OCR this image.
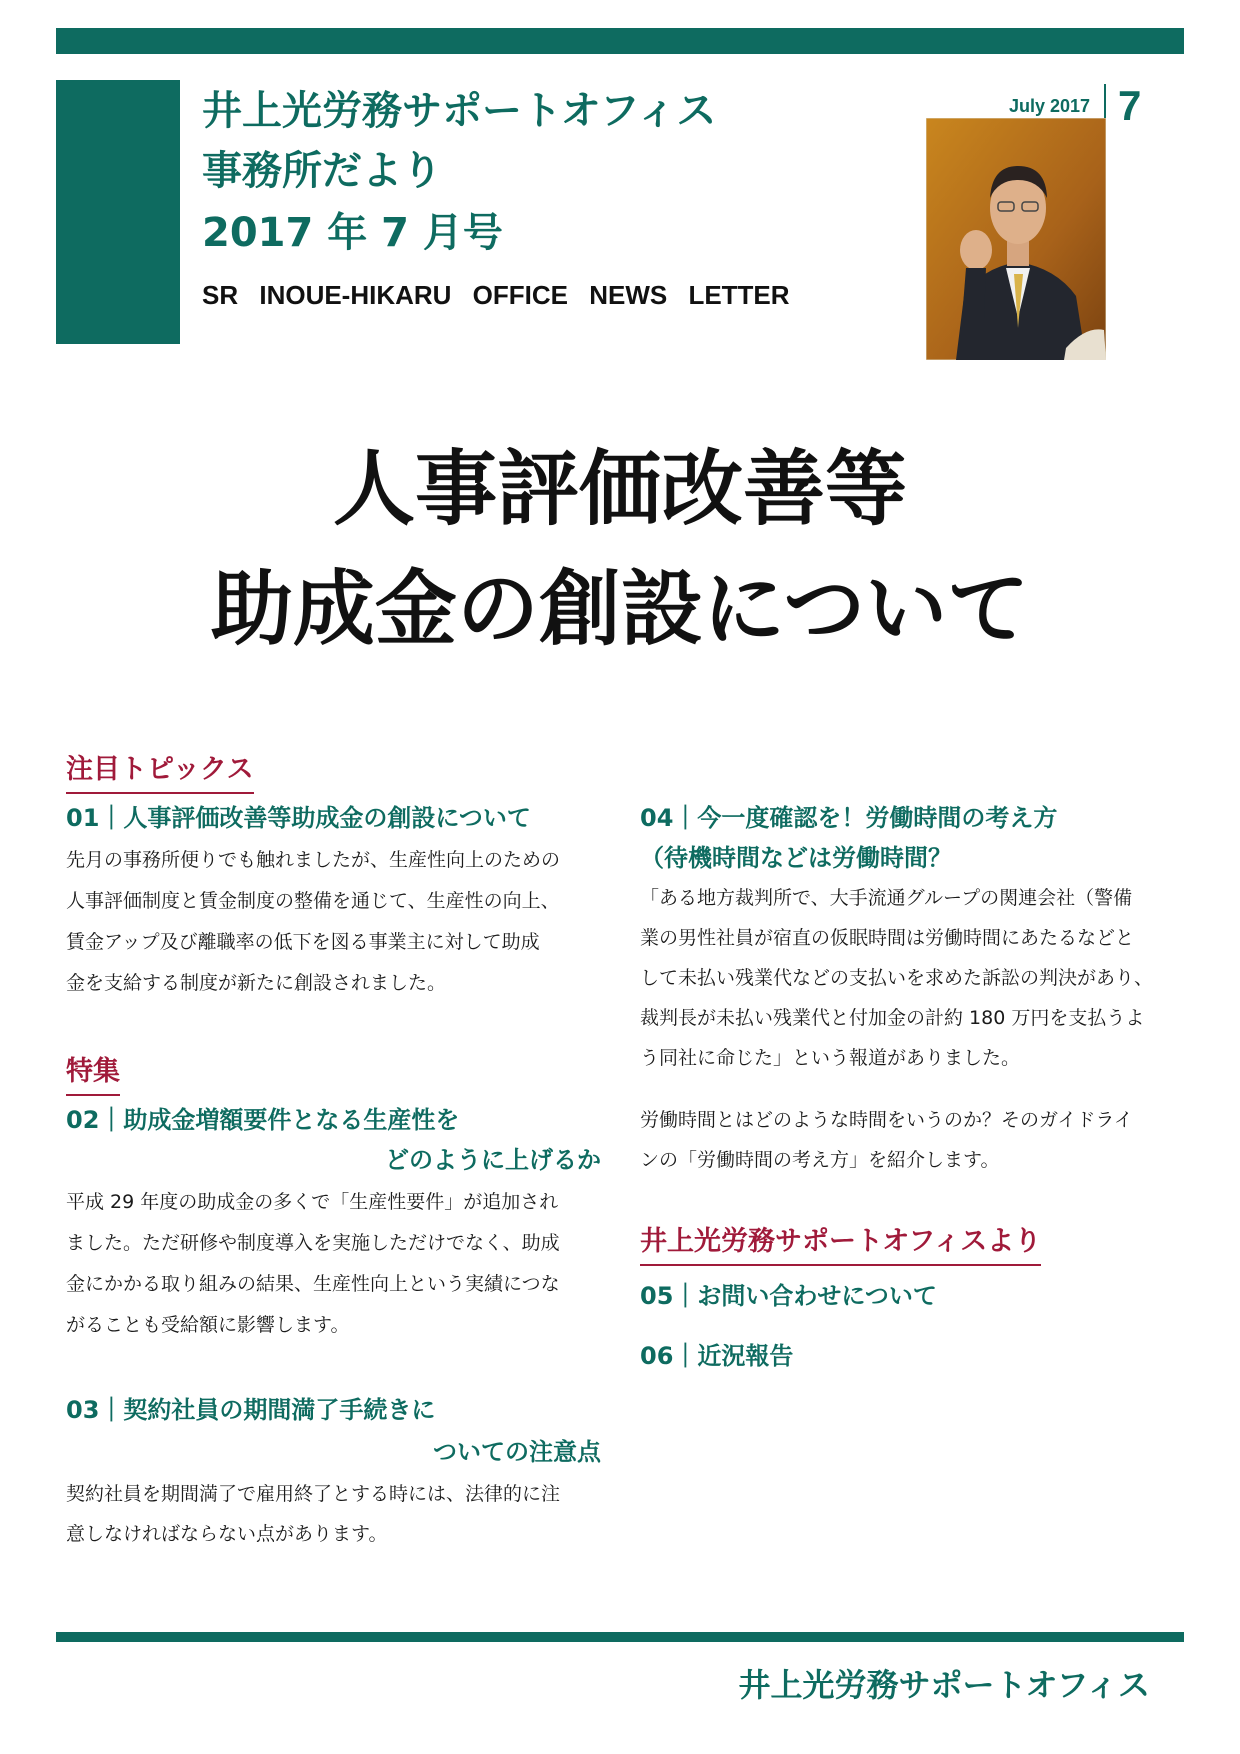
井上光労務サポートオフィス
事務所だより
2017 年 7 月号
SR INOUE-HIKARU OFFICE NEWS LETTER
July 2017 7
人事評価改善等
助成金の創設について
注目トピックス
01｜人事評価改善等助成金の創設について
先月の事務所便りでも触れましたが、生産性向上のための
人事評価制度と賃金制度の整備を通じて、生産性の向上、
賃金アップ及び離職率の低下を図る事業主に対して助成
金を支給する制度が新たに創設されました。
特集
02｜助成金増額要件となる生産性を
どのように上げるか
平成 29 年度の助成金の多くで「生産性要件」が追加され
ました。ただ研修や制度導入を実施しただけでなく、助成
金にかかる取り組みの結果、生産性向上という実績につな
がることも受給額に影響します。
03｜契約社員の期間満了手続きに
ついての注意点
契約社員を期間満了で雇用終了とする時には、法律的に注
意しなければならない点があります。
04｜今一度確認を！労働時間の考え方
（待機時間などは労働時間？
「ある地方裁判所で、大手流通グループの関連会社（警備
業の男性社員が宿直の仮眠時間は労働時間にあたるなどと
して未払い残業代などの支払いを求めた訴訟の判決があり、
裁判長が未払い残業代と付加金の計約 180 万円を支払うよ
う同社に命じた」という報道がありました。
労働時間とはどのような時間をいうのか？そのガイドライ
ンの「労働時間の考え方」を紹介します。
井上光労務サポートオフィスより
05｜お問い合わせについて
06｜近況報告
井上光労務サポートオフィス
